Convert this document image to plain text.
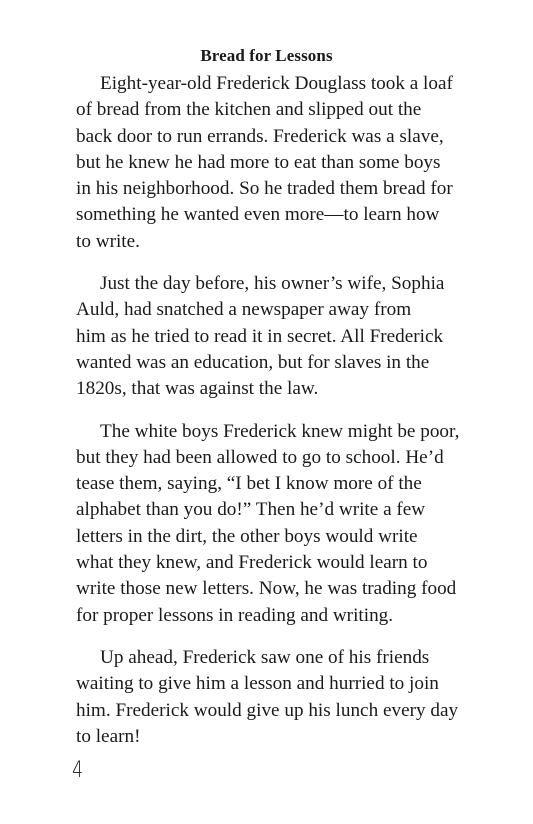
Bread for Lessons

Eight-year-old Frederick Douglass took a loaf
of bread from the kitchen and slipped out the
back door to run errands. Frederick was a slave,
but he knew he had more to eat than some boys
in his neighborhood. So he traded them bread for
something he wanted even more—to learn how
to write.

Just the day before, his owner’s wife, Sophia
Auld, had snatched a newspaper away from
him as he tried to read it in secret. All Frederick
wanted was an education, but for slaves in the
1820s, that was against the law.

The white boys Frederick knew might be poor,
but they had been allowed to go to school. He’d
tease them, saying, “I bet I know more of the
alphabet than you do!” Then he’d write a few
letters in the dirt, the other boys would write
what they knew, and Frederick would learn to
write those new letters. Now, he was trading food
for proper lessons in reading and writing.

Up ahead, Frederick saw one of his friends
waiting to give him a lesson and hurried to join
him. Frederick would give up his lunch every day
to learn!

4
